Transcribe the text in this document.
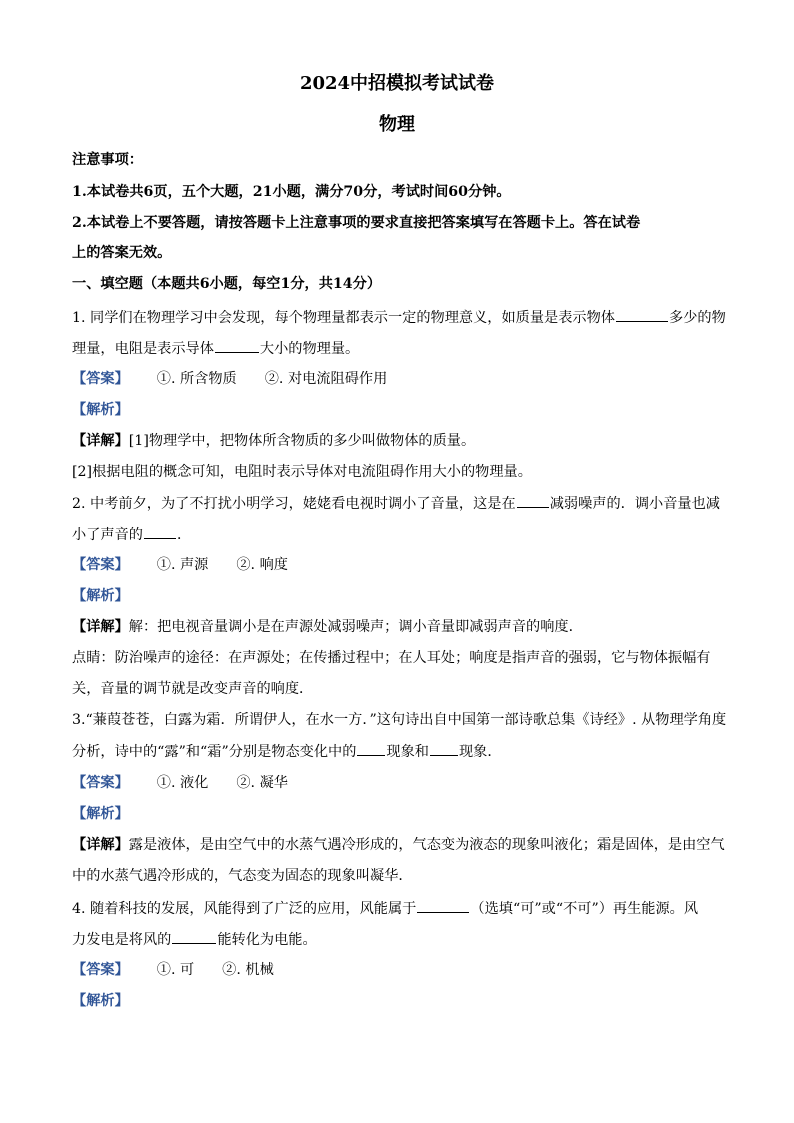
2024中招模拟考试试卷
物理
注意事项：
1.本试卷共6页，五个大题，21小题，满分70分，考试时间60分钟。
2.本试卷上不要答题，请按答题卡上注意事项的要求直接把答案填写在答题卡上。答在试卷
上的答案无效。
一、填空题（本题共6小题，每空1分，共14分）
1. 同学们在物理学习中会发现，每个物理量都表示一定的物理意义，如质量是表示物体	多少的物
理量，电阻是表示导体	大小的物理量。
【答案】 ①. 所含物质 ②. 对电流阻碍作用
【解析】
【详解】[1]物理学中，把物体所含物质的多少叫做物体的质量。
[2]根据电阻的概念可知，电阻时表示导体对电流阻碍作用大小的物理量。
2. 中考前夕，为了不打扰小明学习，姥姥看电视时调小了音量，这是在 减弱噪声的．调小音量也减
小了声音的 ．
【答案】 ①. 声源 ②. 响度
【解析】
【详解】解：把电视音量调小是在声源处减弱噪声；调小音量即减弱声音的响度．
点睛：防治噪声的途径：在声源处；在传播过程中；在人耳处；响度是指声音的强弱，它与物体振幅有
关，音量的调节就是改变声音的响度．
3.“蒹葭苍苍，白露为霜．所谓伊人，在水一方．”这句诗出自中国第一部诗歌总集《诗经》. 从物理学角度
分析，诗中的“露”和“霜”分别是物态变化中的 现象和 现象．
【答案】 ①. 液化 ②. 凝华
【解析】
【详解】露是液体，是由空气中的水蒸气遇冷形成的，气态变为液态的现象叫液化；霜是固体，是由空气
中的水蒸气遇冷形成的，气态变为固态的现象叫凝华．
4. 随着科技的发展，风能得到了广泛的应用，风能属于	（选填“可”或“不可”）再生能源。风
力发电是将风的	能转化为电能。
【答案】 ①. 可 ②. 机械
【解析】
